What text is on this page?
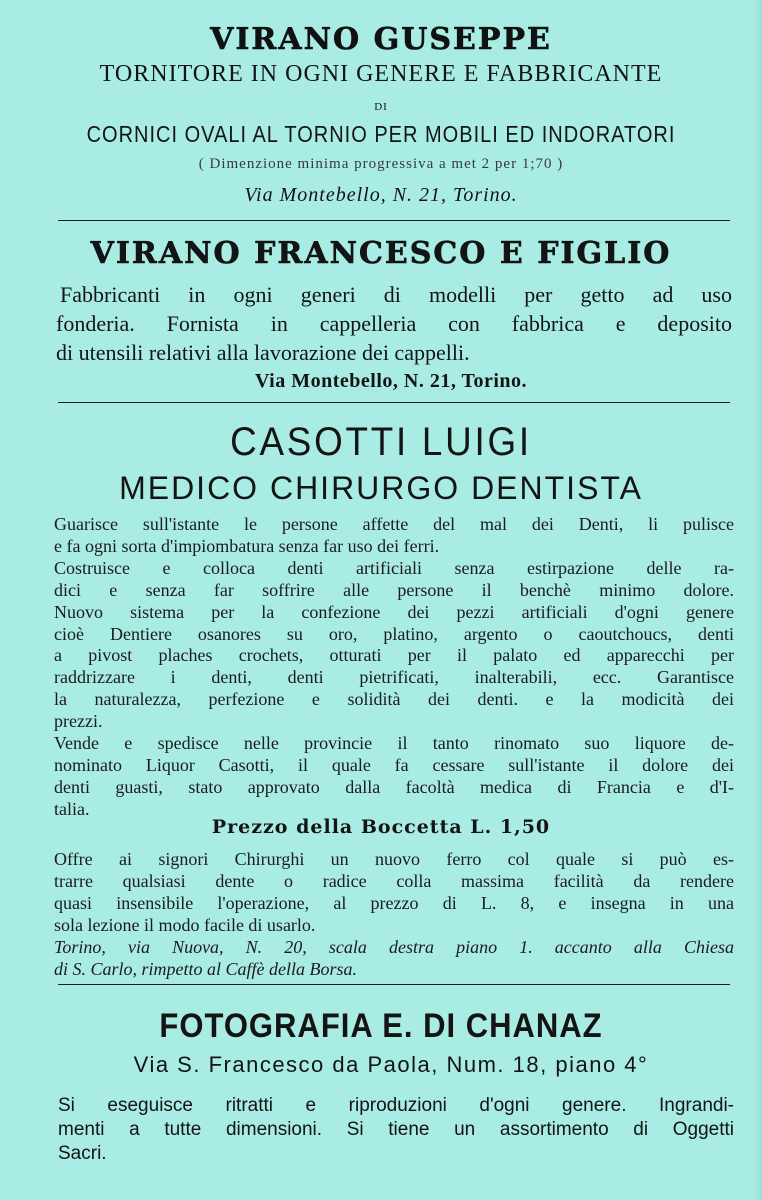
VIRANO GUSEPPE
TORNITORE IN OGNI GENERE E FABBRICANTE
DI
CORNICI OVALI AL TORNIO PER MOBILI ED INDORATORI
( Dimenzione minima progressiva a met 2 per 1;70 )
Via Montebello, N. 21, Torino.
VIRANO FRANCESCO E FIGLIO
Fabbricanti in ogni generi di modelli per getto ad uso
fonderia. Fornista in cappelleria con fabbrica e deposito
di utensili relativi alla lavorazione dei cappelli.
Via Montebello, N. 21, Torino.
CASOTTI LUIGI
MEDICO CHIRURGO DENTISTA
Guarisce sull'istante le persone affette del mal dei Denti, li pulisce
e fa ogni sorta d'impiombatura senza far uso dei ferri.
Costruisce e colloca denti artificiali senza estirpazione delle ra-
dici e senza far soffrire alle persone il benchè minimo dolore.
Nuovo sistema per la confezione dei pezzi artificiali d'ogni genere
cioè Dentiere osanores su oro, platino, argento o caoutchoucs, denti
a pivost plaches crochets, otturati per il palato ed apparecchi per
raddrizzare i denti, denti pietrificati, inalterabili, ecc. Garantisce
la naturalezza, perfezione e solidità dei denti. e la modicità dei
prezzi.
Vende e spedisce nelle provincie il tanto rinomato suo liquore de-
nominato Liquor Casotti, il quale fa cessare sull'istante il dolore dei
denti guasti, stato approvato dalla facoltà medica di Francia e d'I-
talia.
Prezzo della Boccetta L. 1,50
Offre ai signori Chirurghi un nuovo ferro col quale si può es-
trarre qualsiasi dente o radice colla massima facilità da rendere
quasi insensibile l'operazione, al prezzo di L. 8, e insegna in una
sola lezione il modo facile di usarlo.
Torino, via Nuova, N. 20, scala destra piano 1. accanto alla Chiesa
di S. Carlo, rimpetto al Caffè della Borsa.
FOTOGRAFIA E. DI CHANAZ
Via S. Francesco da Paola, Num. 18, piano 4°
Si eseguisce ritratti e riproduzioni d'ogni genere. Ingrandi-
menti a tutte dimensioni. Si tiene un assortimento di Oggetti
Sacri.
